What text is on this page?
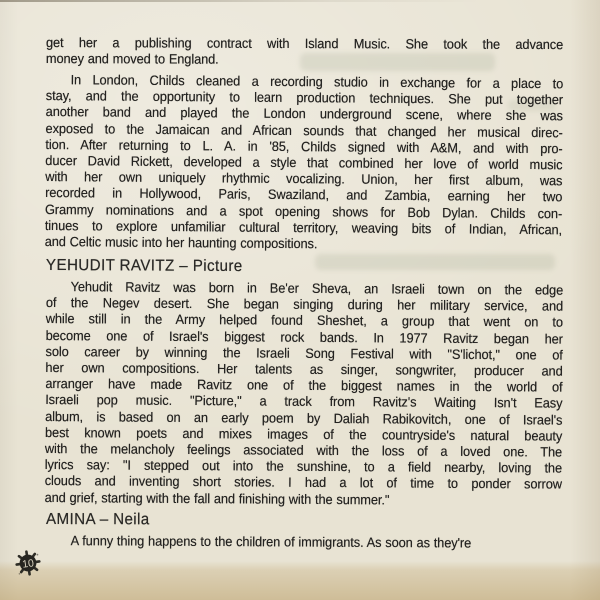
get her a publishing contract with Island Music. She took the advance
money and moved to England.
In London, Childs cleaned a recording studio in exchange for a place to
stay, and the opportunity to learn production techniques. She put together
another band and played the London underground scene, where she was
exposed to the Jamaican and African sounds that changed her musical direc-
tion. After returning to L. A. in '85, Childs signed with A&M, and with pro-
ducer David Rickett, developed a style that combined her love of world music
with her own uniquely rhythmic vocalizing. Union, her first album, was
recorded in Hollywood, Paris, Swaziland, and Zambia, earning her two
Grammy nominations and a spot opening shows for Bob Dylan. Childs con-
tinues to explore unfamiliar cultural territory, weaving bits of Indian, African,
and Celtic music into her haunting compositions.
YEHUDIT RAVITZ – Picture
Yehudit Ravitz was born in Be'er Sheva, an Israeli town on the edge
of the Negev desert. She began singing during her military service, and
while still in the Army helped found Sheshet, a group that went on to
become one of Israel's biggest rock bands. In 1977 Ravitz began her
solo career by winning the Israeli Song Festival with "S'lichot," one of
her own compositions. Her talents as singer, songwriter, producer and
arranger have made Ravitz one of the biggest names in the world of
Israeli pop music. "Picture," a track from Ravitz's Waiting Isn't Easy
album, is based on an early poem by Daliah Rabikovitch, one of Israel's
best known poets and mixes images of the countryside's natural beauty
with the melancholy feelings associated with the loss of a loved one. The
lyrics say: "I stepped out into the sunshine, to a field nearby, loving the
clouds and inventing short stories. I had a lot of time to ponder sorrow
and grief, starting with the fall and finishing with the summer."
AMINA – Neila
A funny thing happens to the children of immigrants. As soon as they're
10
